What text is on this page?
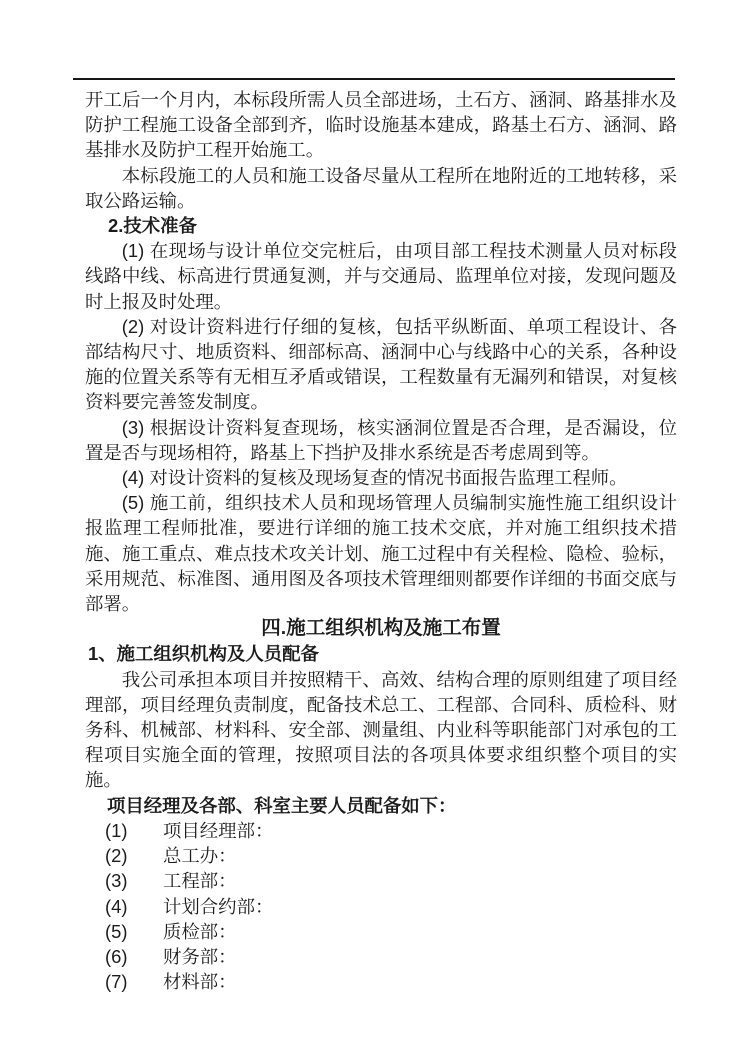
开工后一个月内，本标段所需人员全部进场，土石方、涵洞、路基排水及防护工程施工设备全部到齐，临时设施基本建成，路基土石方、涵洞、路基排水及防护工程开始施工。

本标段施工的人员和施工设备尽量从工程所在地附近的工地转移，采取公路运输。

2.技术准备

(1) 在现场与设计单位交完桩后，由项目部工程技术测量人员对标段线路中线、标高进行贯通复测，并与交通局、监理单位对接，发现问题及时上报及时处理。

(2) 对设计资料进行仔细的复核，包括平纵断面、单项工程设计、各部结构尺寸、地质资料、细部标高、涵洞中心与线路中心的关系，各种设施的位置关系等有无相互矛盾或错误，工程数量有无漏列和错误，对复核资料要完善签发制度。

(3) 根据设计资料复查现场，核实涵洞位置是否合理，是否漏设，位置是否与现场相符，路基上下挡护及排水系统是否考虑周到等。

(4) 对设计资料的复核及现场复查的情况书面报告监理工程师。

(5) 施工前，组织技术人员和现场管理人员编制实施性施工组织设计报监理工程师批准，要进行详细的施工技术交底，并对施工组织技术措施、施工重点、难点技术攻关计划、施工过程中有关程检、隐检、验标，采用规范、标准图、通用图及各项技术管理细则都要作详细的书面交底与部署。

四.施工组织机构及施工布置

1、施工组织机构及人员配备

我公司承担本项目并按照精干、高效、结构合理的原则组建了项目经理部，项目经理负责制度，配备技术总工、工程部、合同科、质检科、财务科、机械部、材料科、安全部、测量组、内业科等职能部门对承包的工程项目实施全面的管理，按照项目法的各项具体要求组织整个项目的实施。

项目经理及各部、科室主要人员配备如下：

(1) 项目经理部：
(2) 总工办：
(3) 工程部：
(4) 计划合约部：
(5) 质检部：
(6) 财务部：
(7) 材料部：
